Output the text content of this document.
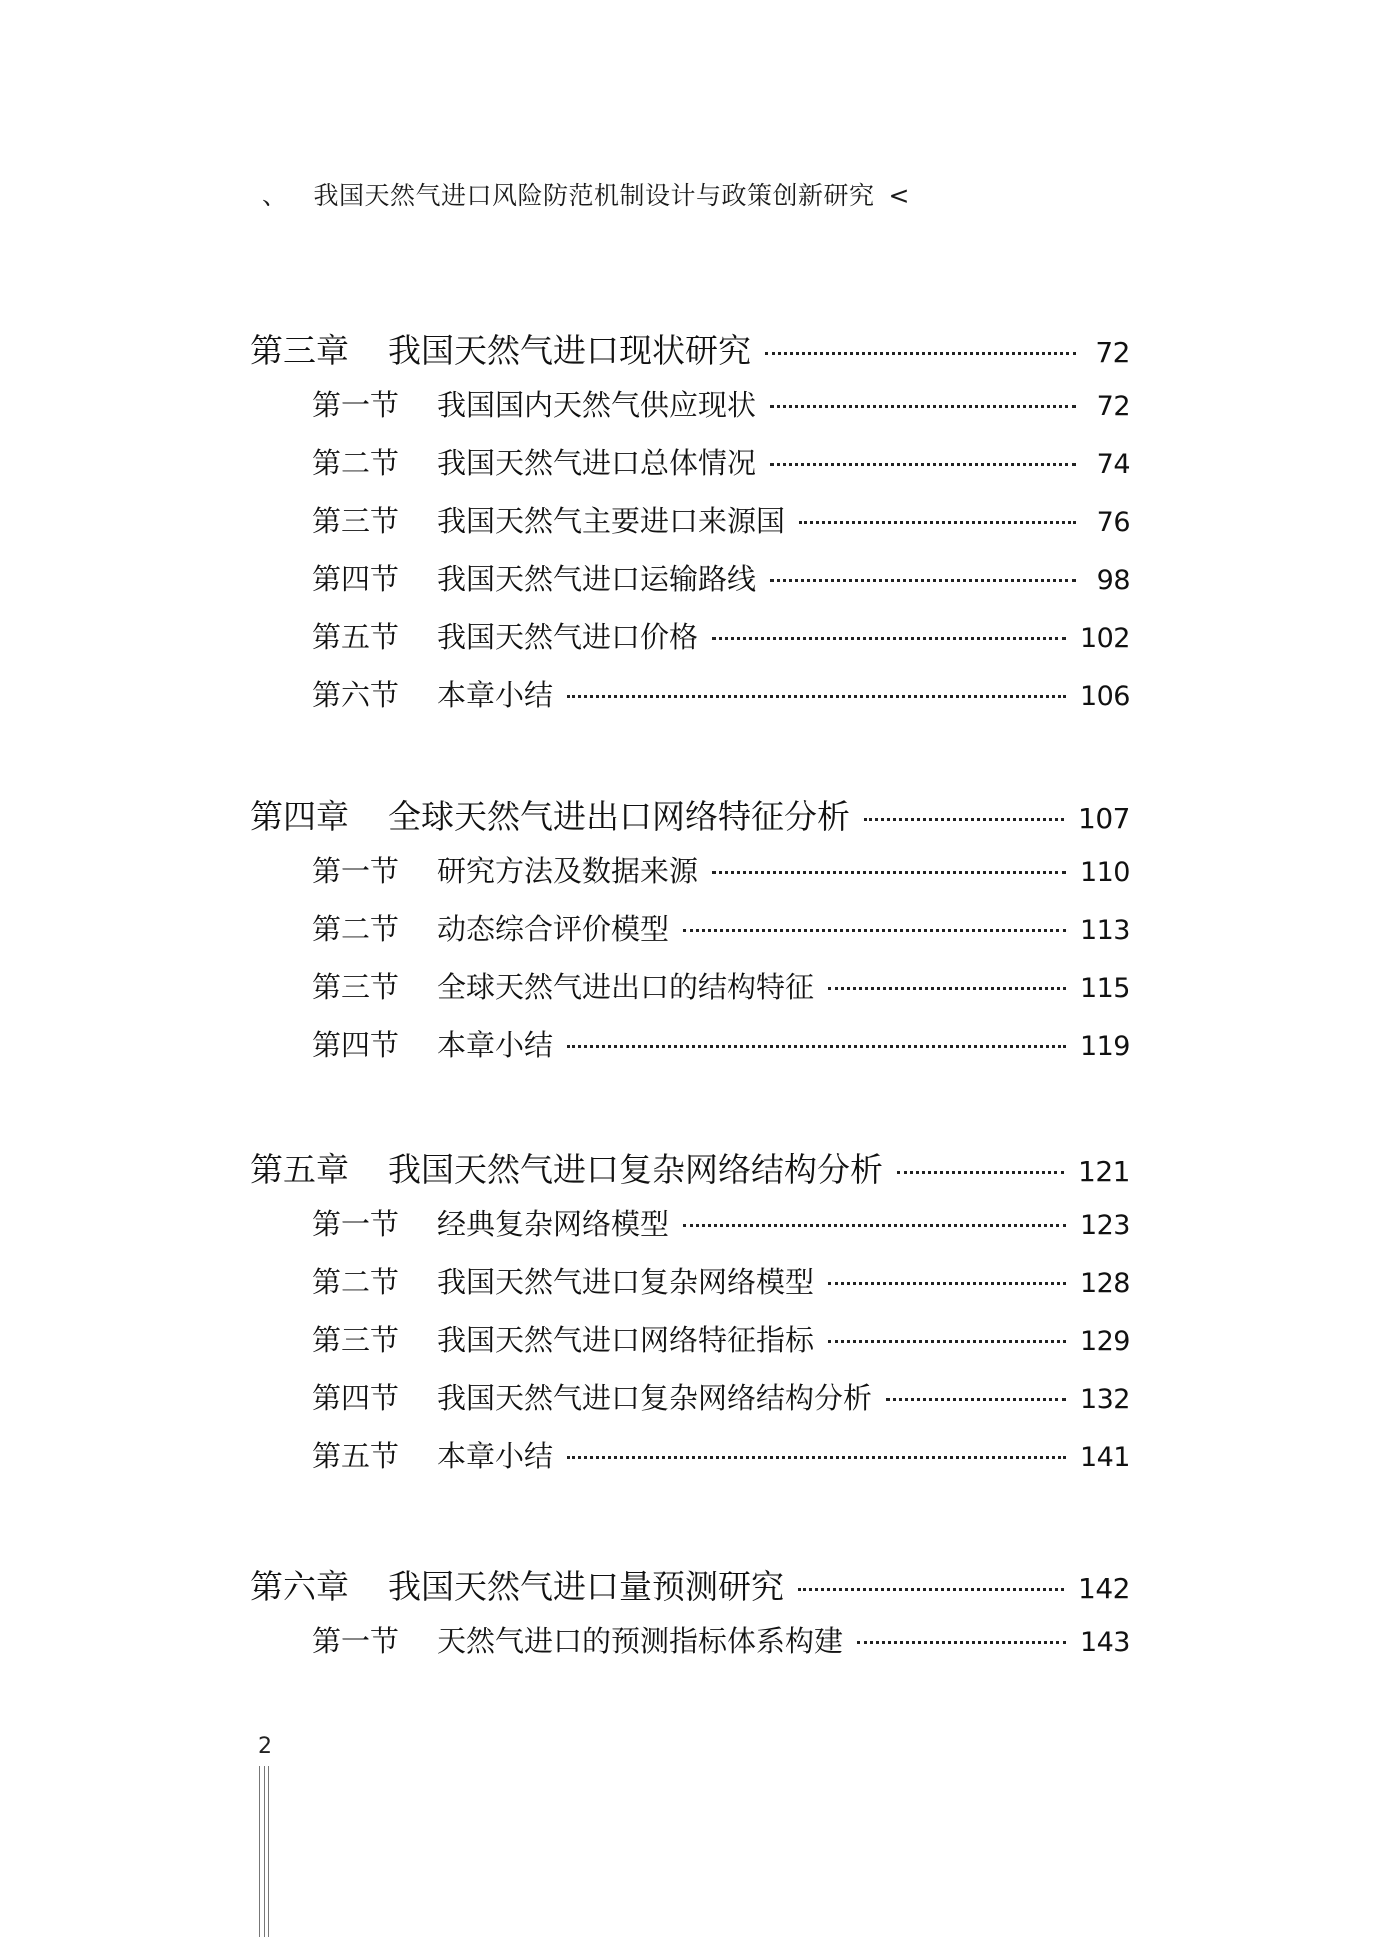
、 我国天然气进口风险防范机制设计与政策创新研究 <
第三章	我国天然气进口现状研究	72
第一节	我国国内天然气供应现状	72
第二节	我国天然气进口总体情况	74
第三节	我国天然气主要进口来源国	76
第四节	我国天然气进口运输路线	98
第五节	我国天然气进口价格	102
第六节	本章小结	106
第四章	全球天然气进出口网络特征分析	107
第一节	研究方法及数据来源	110
第二节	动态综合评价模型	113
第三节	全球天然气进出口的结构特征	115
第四节	本章小结	119
第五章	我国天然气进口复杂网络结构分析	121
第一节	经典复杂网络模型	123
第二节	我国天然气进口复杂网络模型	128
第三节	我国天然气进口网络特征指标	129
第四节	我国天然气进口复杂网络结构分析	132
第五节	本章小结	141
第六章	我国天然气进口量预测研究	142
第一节	天然气进口的预测指标体系构建	143
2
